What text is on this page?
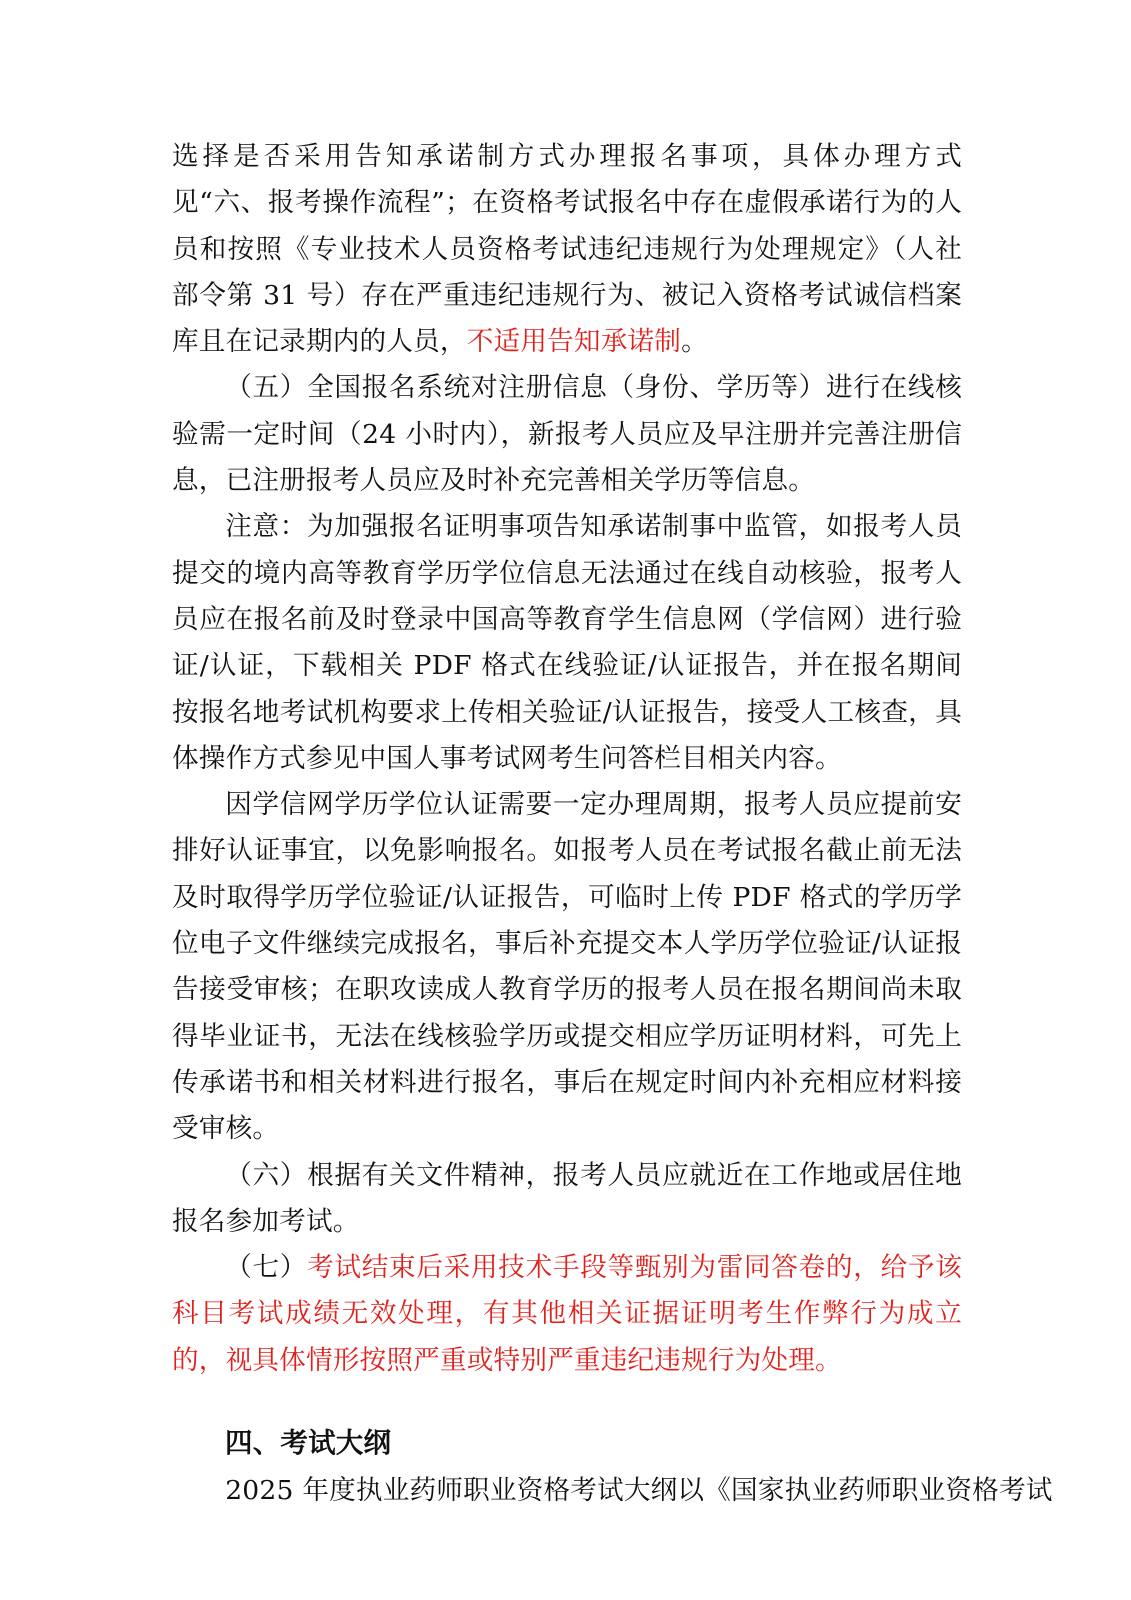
选择是否采用告知承诺制方式办理报名事项，具体办理方式见“六、报考操作流程”；在资格考试报名中存在虚假承诺行为的人员和按照《专业技术人员资格考试违纪违规行为处理规定》（人社部令第 31 号）存在严重违纪违规行为、被记入资格考试诚信档案库且在记录期内的人员，不适用告知承诺制。

（五）全国报名系统对注册信息（身份、学历等）进行在线核验需一定时间（24 小时内），新报考人员应及早注册并完善注册信息，已注册报考人员应及时补充完善相关学历等信息。

注意：为加强报名证明事项告知承诺制事中监管，如报考人员提交的境内高等教育学历学位信息无法通过在线自动核验，报考人员应在报名前及时登录中国高等教育学生信息网（学信网）进行验证/认证，下载相关 PDF 格式在线验证/认证报告，并在报名期间按报名地考试机构要求上传相关验证/认证报告，接受人工核查，具体操作方式参见中国人事考试网考生问答栏目相关内容。

因学信网学历学位认证需要一定办理周期，报考人员应提前安排好认证事宜，以免影响报名。如报考人员在考试报名截止前无法及时取得学历学位验证/认证报告，可临时上传 PDF 格式的学历学位电子文件继续完成报名，事后补充提交本人学历学位验证/认证报告接受审核；在职攻读成人教育学历的报考人员在报名期间尚未取得毕业证书，无法在线核验学历或提交相应学历证明材料，可先上传承诺书和相关材料进行报名，事后在规定时间内补充相应材料接受审核。

（六）根据有关文件精神，报考人员应就近在工作地或居住地报名参加考试。

（七）考试结束后采用技术手段等甄别为雷同答卷的，给予该科目考试成绩无效处理，有其他相关证据证明考生作弊行为成立的，视具体情形按照严重或特别严重违纪违规行为处理。

四、考试大纲

2025 年度执业药师职业资格考试大纲以《国家执业药师职业资格考试
